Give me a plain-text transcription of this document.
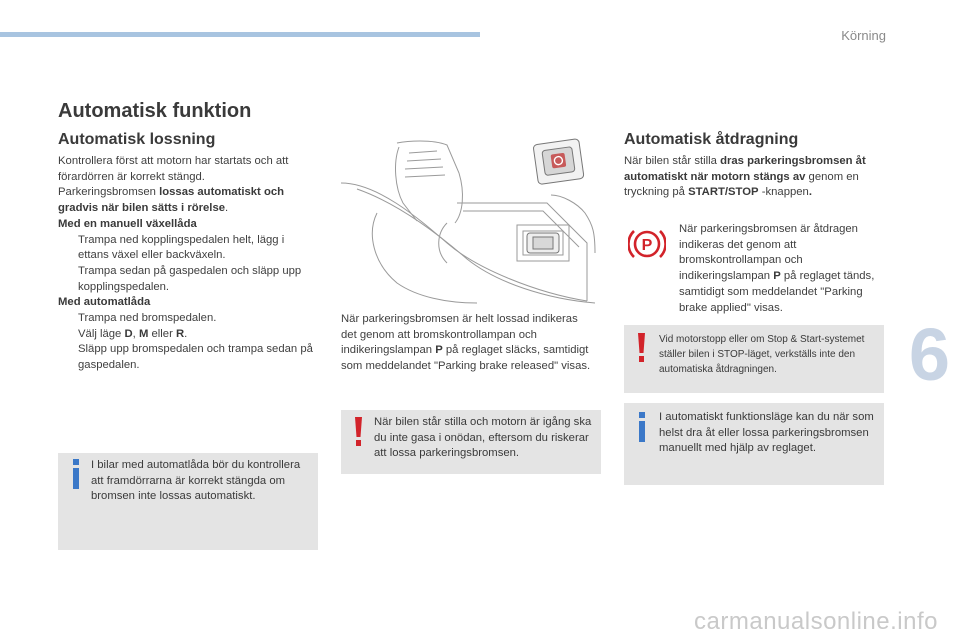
Körning
6
carmanualsonline.info
Automatisk funktion
Automatisk lossning

Kontrollera först att motorn har startats och att förardörren är korrekt stängd.

Parkeringsbromsen lossas automatiskt och gradvis när bilen sätts i rörelse.

Med en manuell växellåda

Trampa ned kopplingspedalen helt, lägg i ettans växel eller backväxeln.

Trampa sedan på gaspedalen och släpp upp kopplingspedalen.

Med automatlåda

Trampa ned bromspedalen.

Välj läge D, M eller R.

Släpp upp bromspedalen och trampa sedan på gaspedalen.

I bilar med automatlåda bör du kontrollera att framdörrarna är korrekt stängda om bromsen inte lossas automatiskt.

När parkeringsbromsen är helt lossad indikeras det genom att bromskontrollampan och indikeringslampan P på reglaget släcks, samtidigt som meddelandet "Parking brake released" visas.

När bilen står stilla och motorn är igång ska du inte gasa i onödan, eftersom du riskerar att lossa parkeringsbromsen.
Automatisk åtdragning

När bilen står stilla dras parkeringsbromsen åt automatiskt när motorn stängs av genom en tryckning på START/STOP -knappen.

P

När parkeringsbromsen är åtdragen indikeras det genom att bromskontrollampan och indikeringslampan P på reglaget tänds, samtidigt som meddelandet "Parking brake applied" visas.

Vid motorstopp eller om Stop & Start-systemet ställer bilen i STOP-läget, verkställs inte den automatiska åtdragningen.
I automatiskt funktionsläge kan du när som helst dra åt eller lossa parkeringsbromsen manuellt med hjälp av reglaget.
